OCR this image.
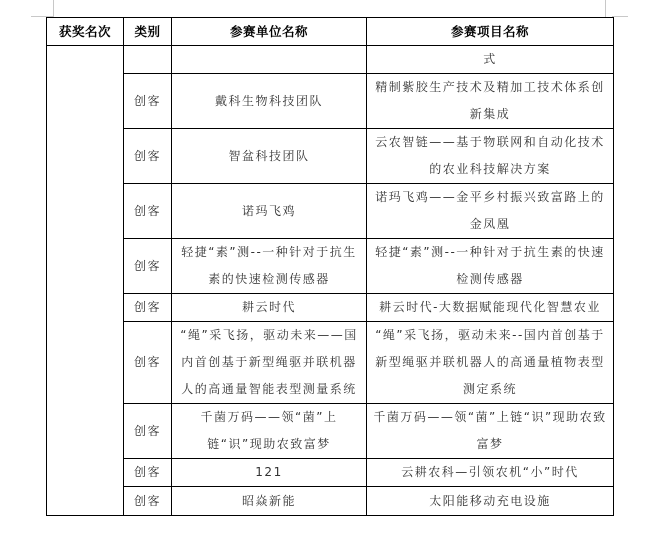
获奖名次	类别	参赛单位名称	参赛项目名称
			式
	创客	戴科生物科技团队	精制紫胶生产技术及精加工技术体系创新集成
	创客	智盆科技团队	云农智链——基于物联网和自动化技术的农业科技解决方案
	创客	诺玛飞鸡	诺玛飞鸡——金平乡村振兴致富路上的金凤凰
	创客	轻捷“素”测--一种针对于抗生素的快速检测传感器	轻捷“素”测--一种针对于抗生素的快速检测传感器
	创客	耕云时代	耕云时代-大数据赋能现代化智慧农业
	创客	“绳”采飞扬，驱动未来——国内首创基于新型绳驱并联机器人的高通量智能表型测量系统	“绳”采飞扬，驱动未来--国内首创基于新型绳驱并联机器人的高通量植物表型测定系统
	创客	千菌万码——领“菌”上链“识”现助农致富梦	千菌万码——领“菌”上链“识”现助农致富梦
	创客	121	云耕农科—引领农机“小”时代
	创客	昭焱新能	太阳能移动充电设施
